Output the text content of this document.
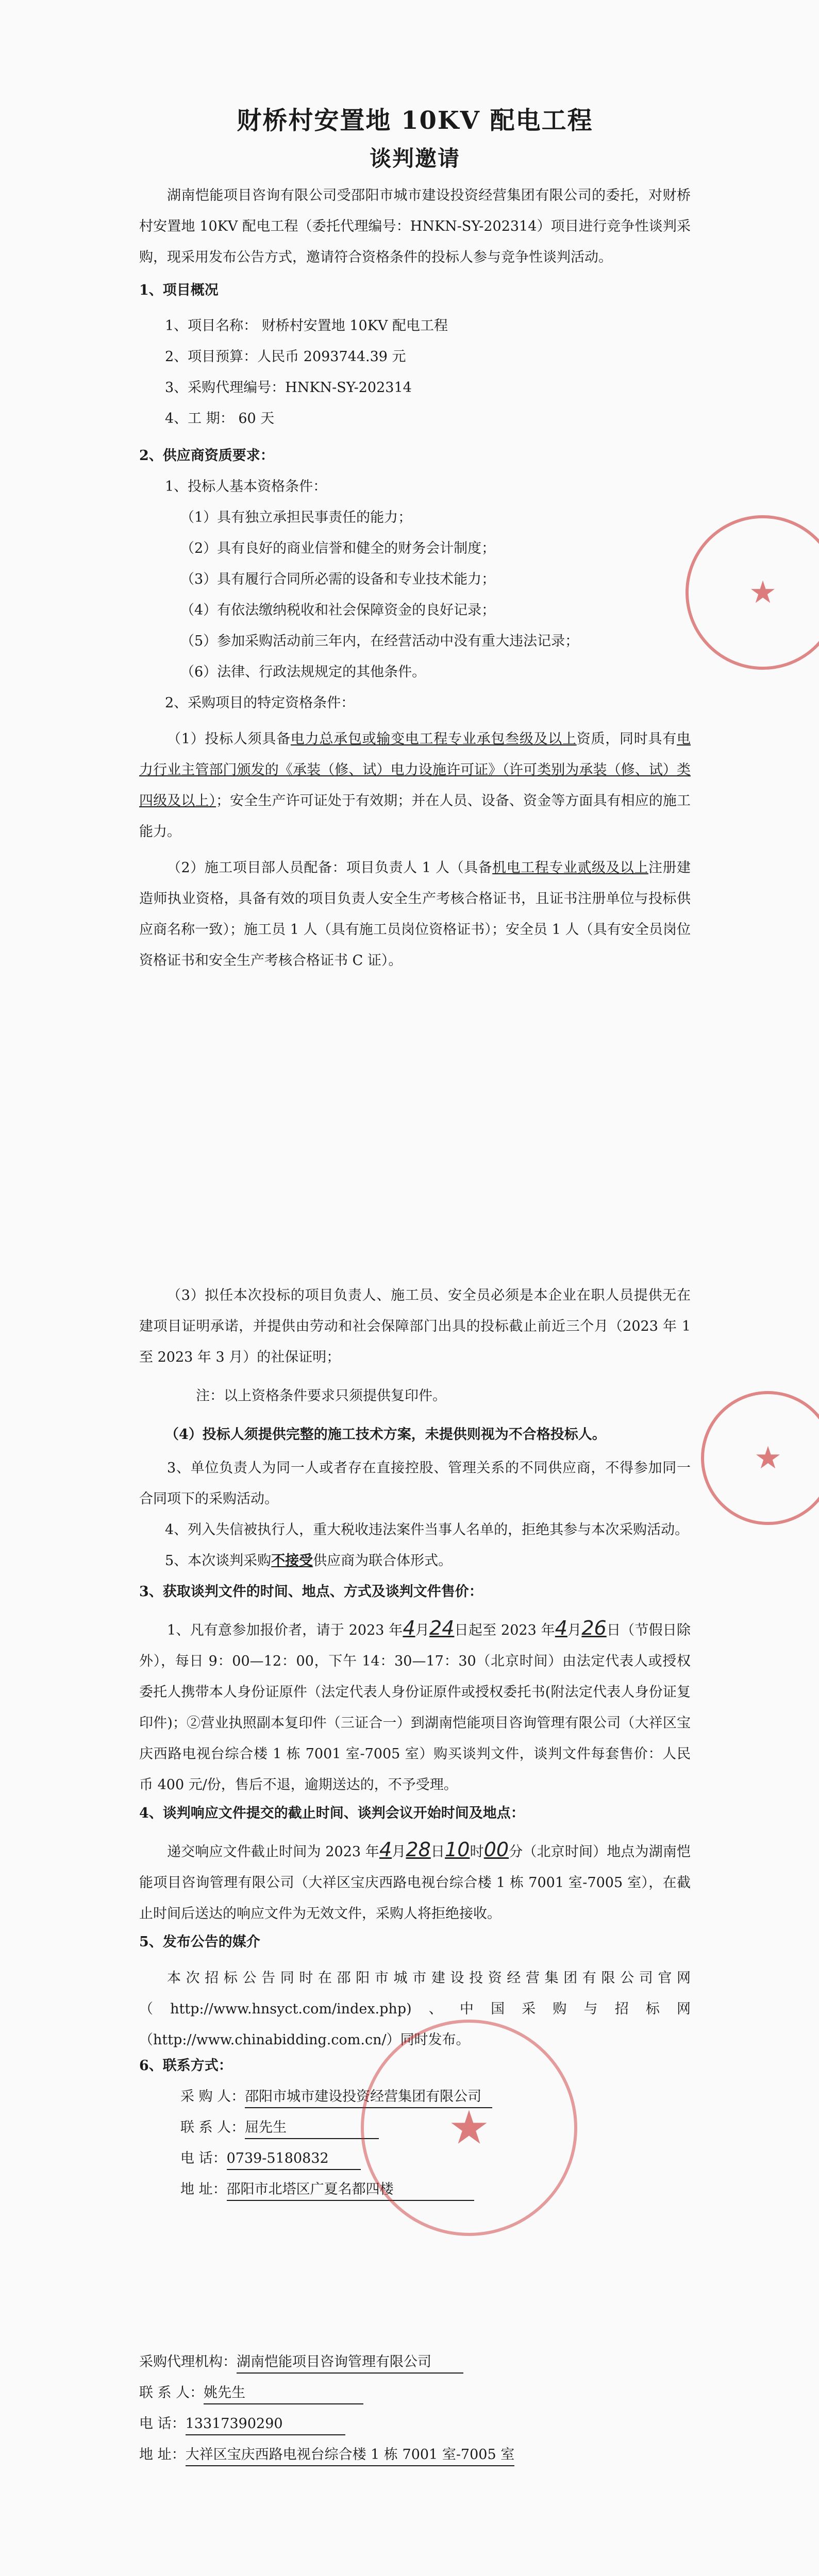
财桥村安置地 10KV 配电工程
谈判邀请

湖南恺能项目咨询有限公司受邵阳市城市建设投资经营集团有限公司的委托，对财桥村安置地 10KV 配电工程（委托代理编号：HNKN-SY-202314）项目进行竞争性谈判采购，现采用发布公告方式，邀请符合资格条件的投标人参与竞争性谈判活动。

1、项目概况
1、项目名称： 财桥村安置地 10KV 配电工程
2、项目预算：人民币 2093744.39 元
3、采购代理编号：HNKN-SY-202314
4、工 期： 60 天
2、供应商资质要求：
1、投标人基本资格条件：
（1）具有独立承担民事责任的能力；
（2）具有良好的商业信誉和健全的财务会计制度；
（3）具有履行合同所必需的设备和专业技术能力；
（4）有依法缴纳税收和社会保障资金的良好记录；
（5）参加采购活动前三年内，在经营活动中没有重大违法记录；
（6）法律、行政法规规定的其他条件。
2、采购项目的特定资格条件：

（1）投标人须具备电力总承包或输变电工程专业承包叁级及以上资质，同时具有电力行业主管部门颁发的《承装（修、试）电力设施许可证》（许可类别为承装（修、试）类四级及以上）；安全生产许可证处于有效期；并在人员、设备、资金等方面具有相应的施工能力。

（2）施工项目部人员配备：项目负责人 1 人（具备机电工程专业贰级及以上注册建造师执业资格，具备有效的项目负责人安全生产考核合格证书，且证书注册单位与投标供应商名称一致）；施工员 1 人（具有施工员岗位资格证书）；安全员 1 人（具有安全员岗位资格证书和安全生产考核合格证书 C 证）。

（3）拟任本次投标的项目负责人、施工员、安全员必须是本企业在职人员提供无在建项目证明承诺，并提供由劳动和社会保障部门出具的投标截止前近三个月（2023 年 1 至 2023 年 3 月）的社保证明；

注：以上资格条件要求只须提供复印件。
（4）投标人须提供完整的施工技术方案，未提供则视为不合格投标人。

3、单位负责人为同一人或者存在直接控股、管理关系的不同供应商，不得参加同一合同项下的采购活动。

4、列入失信被执行人，重大税收违法案件当事人名单的，拒绝其参与本次采购活动。
5、本次谈判采购不接受供应商为联合体形式。
3、获取谈判文件的时间、地点、方式及谈判文件售价：

1、凡有意参加报价者，请于 2023 年4月24日起至 2023 年4月26日（节假日除外），每日 9：00—12：00，下午 14：30—17：30（北京时间）由法定代表人或授权委托人携带本人身份证原件（法定代表人身份证原件或授权委托书(附法定代表人身份证复印件)；②营业执照副本复印件（三证合一）到湖南恺能项目咨询管理有限公司（大祥区宝庆西路电视台综合楼 1 栋 7001 室-7005 室）购买谈判文件，谈判文件每套售价：人民币 400 元/份，售后不退，逾期送达的，不予受理。

4、谈判响应文件提交的截止时间、谈判会议开始时间及地点：

递交响应文件截止时间为 2023 年4月28日10时00分（北京时间）地点为湖南恺能项目咨询管理有限公司（大祥区宝庆西路电视台综合楼 1 栋 7001 室-7005 室），在截止时间后送达的响应文件为无效文件，采购人将拒绝接收。

5、发布公告的媒介

本次招标公告同时在邵阳市城市建设投资经营集团有限公司官网（http://www.hnsyct.com/index.php)、中国采购与招标网（http://www.chinabidding.com.cn/）同时发布。

6、联系方式：
采 购 人：邵阳市城市建设投资经营集团有限公司
联 系 人：屈先生
电 话：0739-5180832
地 址：邵阳市北塔区广夏名都四楼
采购代理机构：湖南恺能项目咨询管理有限公司
联 系 人：姚先生
电 话：13317390290
地 址：大祥区宝庆西路电视台综合楼 1 栋 7001 室-7005 室
★
★
★
